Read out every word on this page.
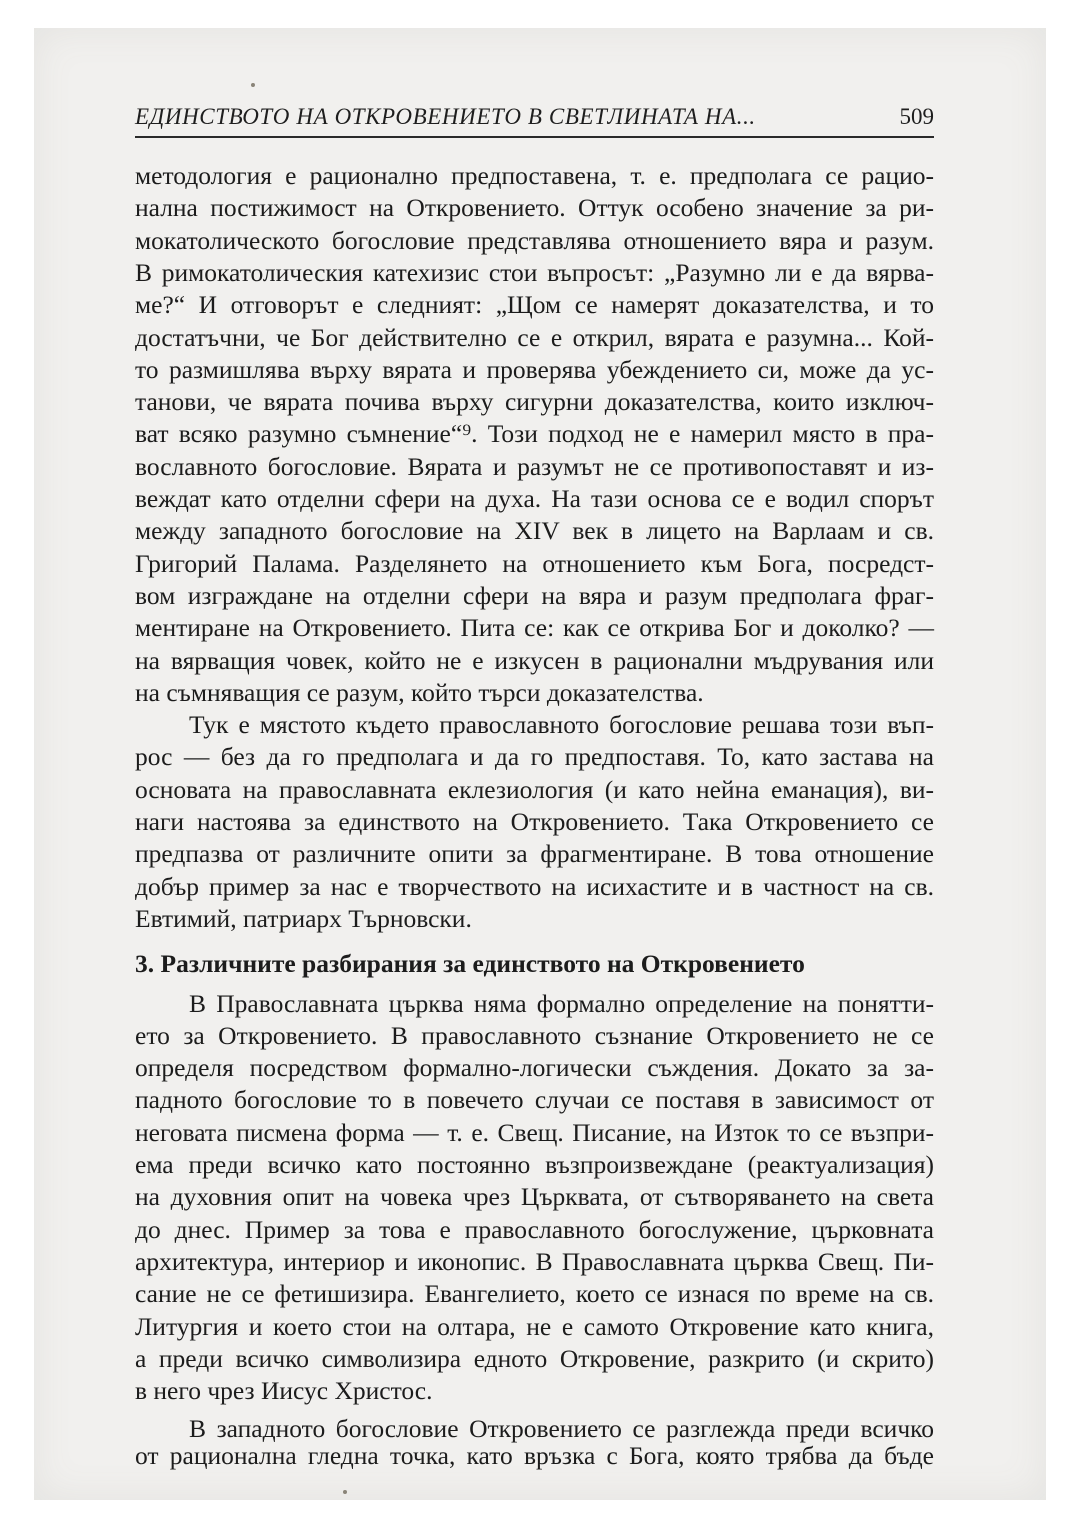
ЕДИНСТВОТО НА ОТКРОВЕНИЕТО В СВЕТЛИНАТА НА...	509
методология е рационално предпоставена, т. е. предполага се рацио-
нална постижимост на Откровението. Оттук особено значение за ри-
мокатолическото богословие представлява отношението вяра и разум.
В римокатолическия катехизис стои въпросът: „Разумно ли е да вярва-
ме?“ И отговорът е следният: „Щом се намерят доказателства, и то
достатъчни, че Бог действително се е открил, вярата е разумна... Кой-
то размишлява върху вярата и проверява убеждението си, може да ус-
танови, че вярата почива върху сигурни доказателства, които изключ-
ват всяко разумно съмнение“⁹. Този подход не е намерил място в пра-
вославното богословие. Вярата и разумът не се противопоставят и из-
веждат като отделни сфери на духа. На тази основа се е водил спорът
между западното богословие на XIV век в лицето на Варлаам и св.
Григорий Палама. Разделянето на отношението към Бога, посредст-
вом изграждане на отделни сфери на вяра и разум предполага фраг-
ментиране на Откровението. Пита се: как се открива Бог и доколко? —
на вярващия човек, който не е изкусен в рационални мъдрувания или
на съмняващия се разум, който търси доказателства.
Тук е мястото където православното богословие решава този въп-
рос — без да го предполага и да го предпоставя. То, като застава на
основата на православната еклезиология (и като нейна еманация), ви-
наги настоява за единството на Откровението. Така Откровението се
предпазва от различните опити за фрагментиране. В това отношение
добър пример за нас е творчеството на исихастите и в частност на св.
Евтимий, патриарх Търновски.
3. Различните разбирания за единството на Откровението
В Православната църква няма формално определение на понятти-
ето за Откровението. В православното съзнание Откровението не се
определя посредством формално-логически съждения. Докато за за-
падното богословие то в повечето случаи се поставя в зависимост от
неговата писмена форма — т. е. Свещ. Писание, на Изток то се възпри-
ема преди всичко като постоянно възпроизвеждане (реактуализация)
на духовния опит на човека чрез Църквата, от сътворяването на света
до днес. Пример за това е православното богослужение, църковната
архитектура, интериор и иконопис. В Православната църква Свещ. Пи-
сание не се фетишизира. Евангелието, което се изнася по време на св.
Литургия и което стои на олтара, не е самото Откровение като книга,
а преди всичко символизира едното Откровение, разкрито (и скрито)
в него чрез Иисус Христос.
В западното богословие Откровението се разглежда преди всичко
от рационална гледна точка, като връзка с Бога, която трябва да бъде
